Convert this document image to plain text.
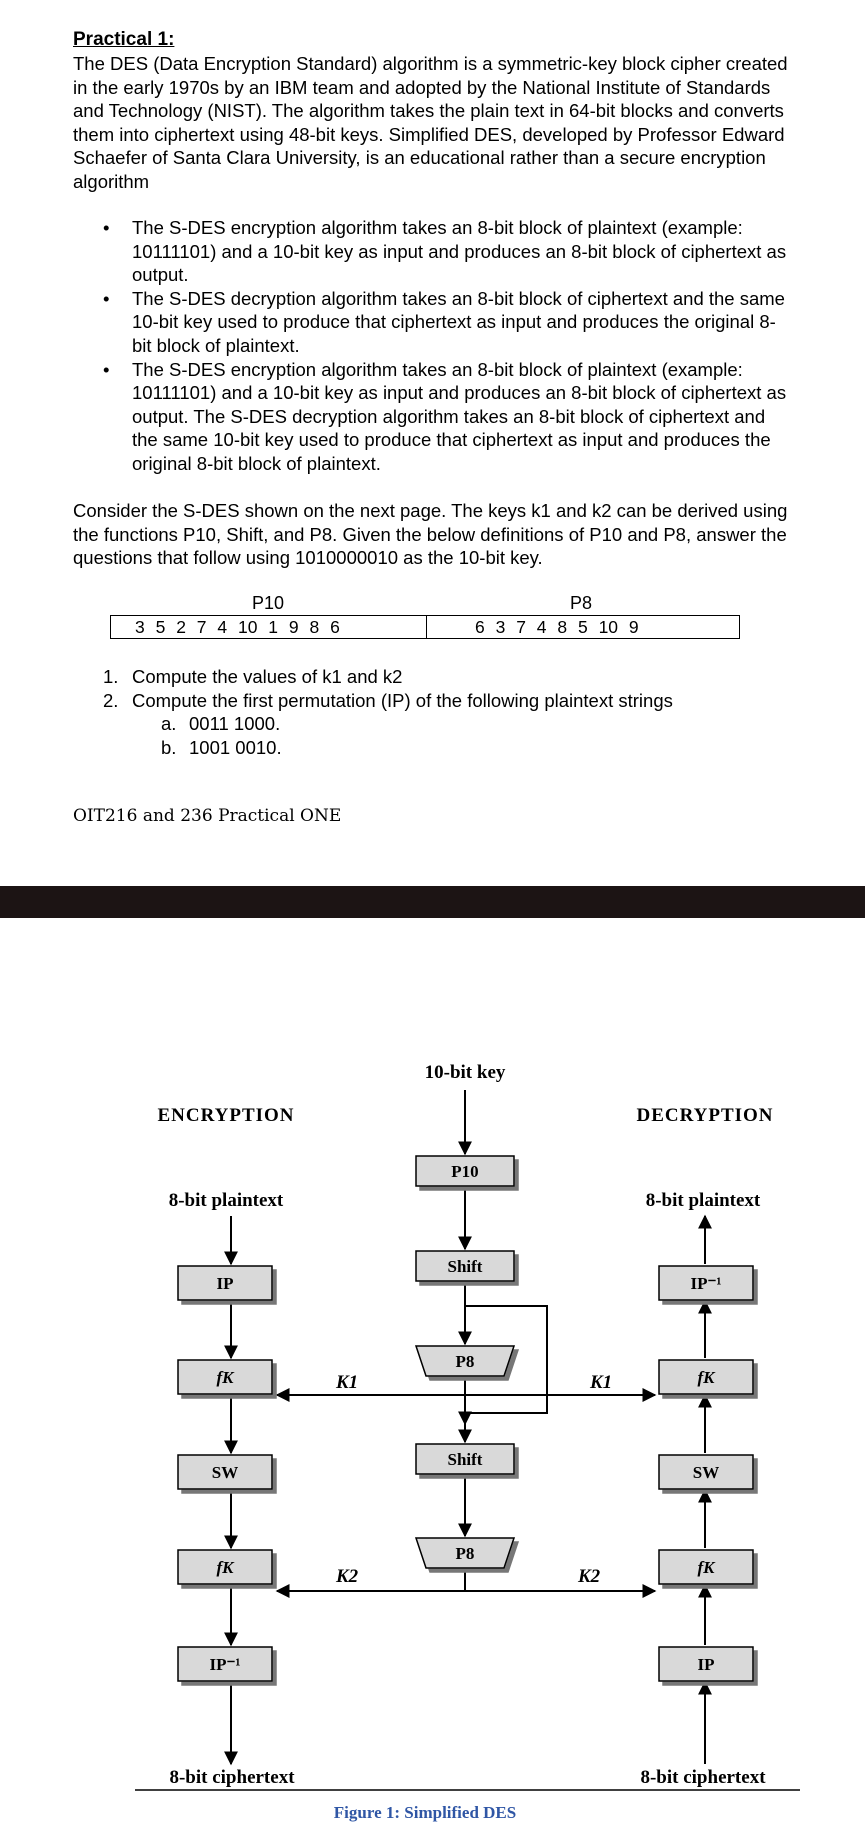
Practical 1:

The DES (Data Encryption Standard) algorithm is a symmetric-key block cipher created in the early 1970s by an IBM team and adopted by the National Institute of Standards and Technology (NIST). The algorithm takes the plain text in 64-bit blocks and converts them into ciphertext using 48-bit keys. Simplified DES, developed by Professor Edward Schaefer of Santa Clara University, is an educational rather than a secure encryption algorithm

• The S-DES encryption algorithm takes an 8-bit block of plaintext (example: 10111101) and a 10-bit key as input and produces an 8-bit block of ciphertext as output.
• The S-DES decryption algorithm takes an 8-bit block of ciphertext and the same 10-bit key used to produce that ciphertext as input and produces the original 8-bit block of plaintext.
• The S-DES encryption algorithm takes an 8-bit block of plaintext (example: 10111101) and a 10-bit key as input and produces an 8-bit block of ciphertext as output. The S-DES decryption algorithm takes an 8-bit block of ciphertext and the same 10-bit key used to produce that ciphertext as input and produces the original 8-bit block of plaintext.

Consider the S-DES shown on the next page. The keys k1 and k2 can be derived using the functions P10, Shift, and P8. Given the below definitions of P10 and P8, answer the questions that follow using 1010000010 as the 10-bit key.

P10	P8
3 5 2 7 4 10 1 9 8 6	6 3 7 4 8 5 10 9
1. Compute the values of k1 and k2
2. Compute the first permutation (IP) of the following plaintext strings
a. 0011 1000.
b. 1001 0010.
OIT216 and 236 Practical ONE
10-bit key
ENCRYPTION	DECRYPTION
8-bit plaintext	8-bit plaintext
8-bit ciphertext	8-bit ciphertext
K1	K1
K2	K2
IP
fK
SW
fK
IP⁻¹
IP⁻¹
fK
SW
fK
IP
P10
Shift
P8
Shift
P8
Figure 1: Simplified DES
